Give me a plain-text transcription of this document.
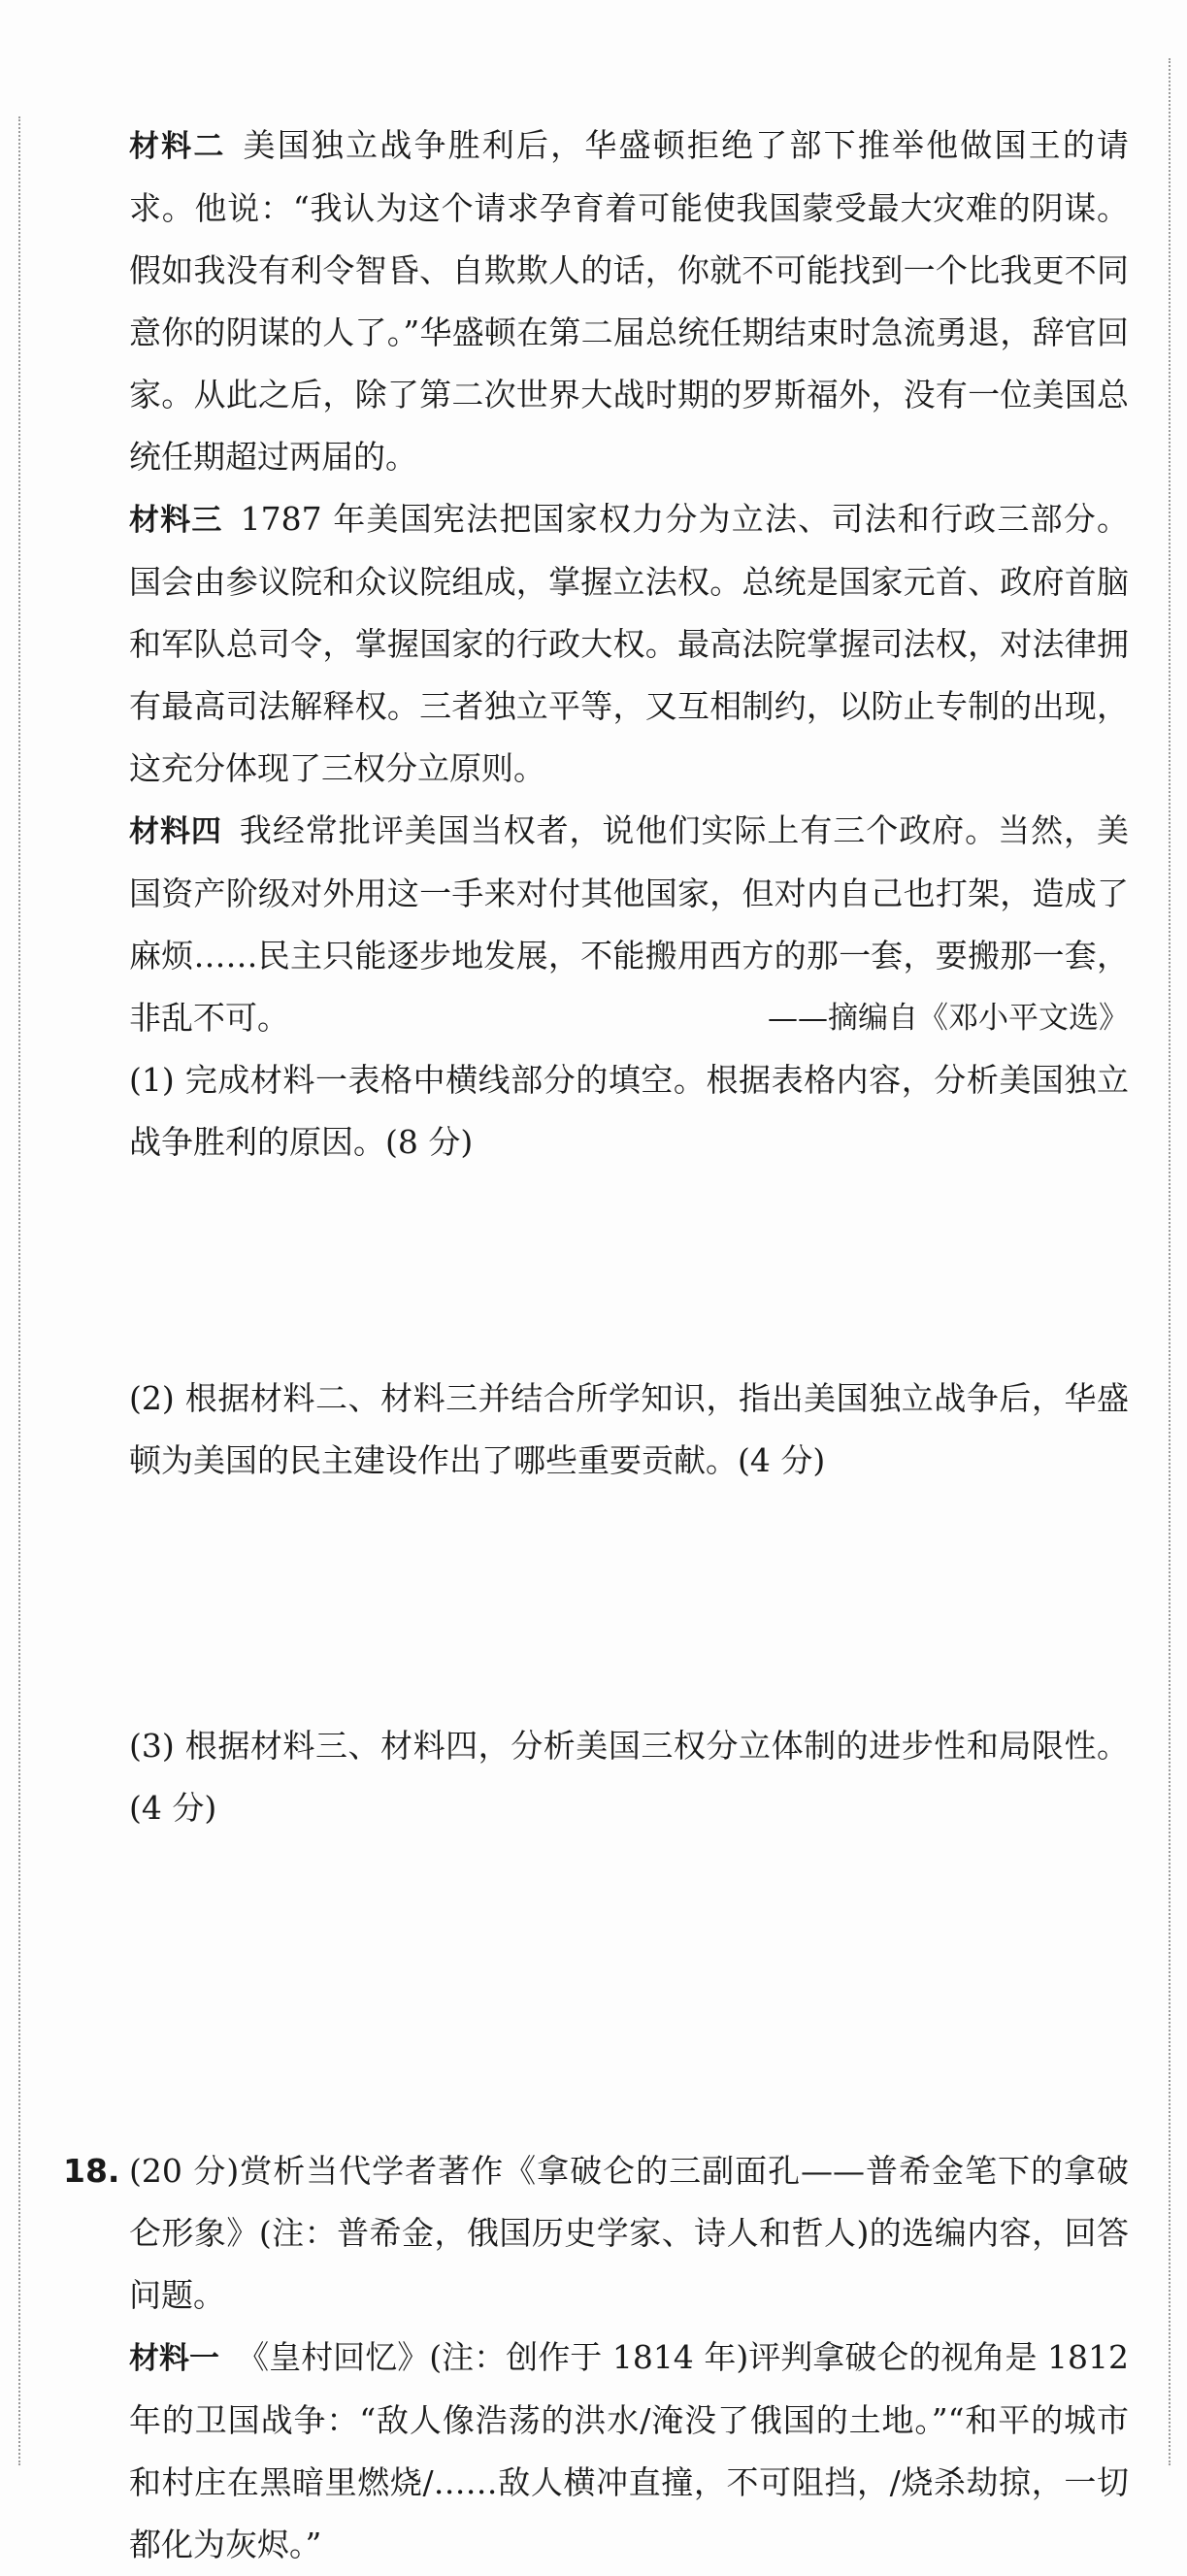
材料二 美国独立战争胜利后，华盛顿拒绝了部下推举他做国王的请求。他说：“我认为这个请求孕育着可能使我国蒙受最大灾难的阴谋。假如我没有利令智昏、自欺欺人的话，你就不可能找到一个比我更不同意你的阴谋的人了。”华盛顿在第二届总统任期结束时急流勇退，辞官回家。从此之后，除了第二次世界大战时期的罗斯福外，没有一位美国总统任期超过两届的。
材料三 1787 年美国宪法把国家权力分为立法、司法和行政三部分。国会由参议院和众议院组成，掌握立法权。总统是国家元首、政府首脑和军队总司令，掌握国家的行政大权。最高法院掌握司法权，对法律拥有最高司法解释权。三者独立平等，又互相制约，以防止专制的出现，这充分体现了三权分立原则。
材料四 我经常批评美国当权者，说他们实际上有三个政府。当然，美国资产阶级对外用这一手来对付其他国家，但对内自己也打架，造成了麻烦……民主只能逐步地发展，不能搬用西方的那一套，要搬那一套，非乱不可。	——摘编自《邓小平文选》
(1) 完成材料一表格中横线部分的填空。根据表格内容，分析美国独立战争胜利的原因。(8 分)
(2) 根据材料二、材料三并结合所学知识，指出美国独立战争后，华盛顿为美国的民主建设作出了哪些重要贡献。(4 分)
(3) 根据材料三、材料四，分析美国三权分立体制的进步性和局限性。(4 分)
18. (20 分)赏析当代学者著作《拿破仑的三副面孔——普希金笔下的拿破仑形象》(注：普希金，俄国历史学家、诗人和哲人)的选编内容，回答问题。
材料一 《皇村回忆》(注：创作于 1814 年)评判拿破仑的视角是 1812 年的卫国战争：“敌人像浩荡的洪水/淹没了俄国的土地。”“和平的城市和村庄在黑暗里燃烧/……敌人横冲直撞，不可阻挡，/烧杀劫掠，一切都化为灰烬。”
